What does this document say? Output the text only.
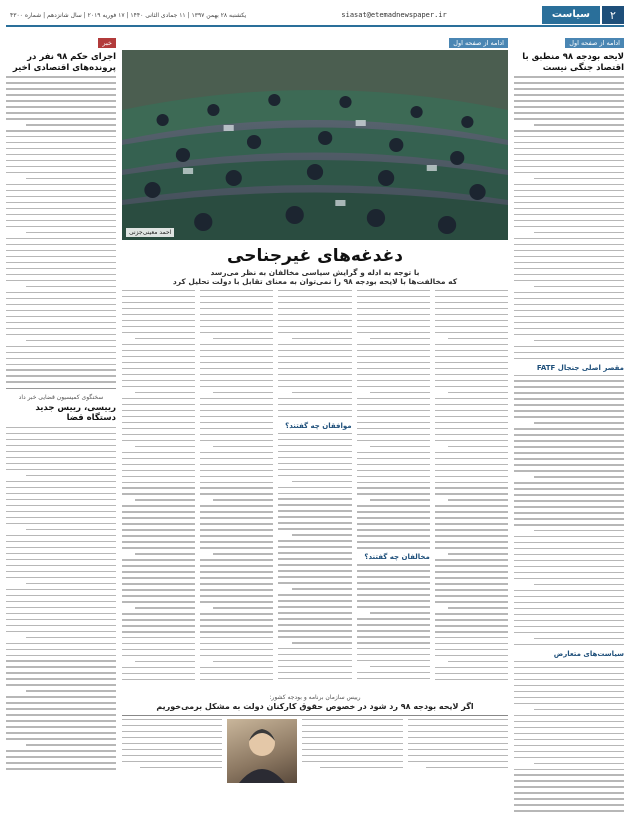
۲
سیاست
siasat@etemadnewspaper.ir
یکشنبه ۲۸ بهمن ۱۳۹۷ | ۱۱ جمادی الثانی ۱۴۴۰ | ۱۷ فوریه ۲۰۱۹ | سال شانزدهم | شماره ۴۳۰۰
ادامه از صفحه اول
لایحه بودجه ۹۸ منطبق با اقتصاد جنگی نیست
مقصر اصلی جنجال FATF
سیاست‌های متعارض
ادامه از صفحه اول
احمد معینی‌جزنی
دغدغه‌های غیرجناحی
با توجه به ادله و گرایش سیاسی مخالفان به نظر می‌رسد
که مخالفت‌ها با لایحه بودجه ۹۸ را نمی‌توان به معنای تقابل با دولت تحلیل کرد
مخالفان چه گفتند؟
موافقان چه گفتند؟
رییس سازمان برنامه و بودجه کشور:
اگر لایحه بودجه ۹۸ رد شود در خصوص حقوق کارکنان دولت به مشکل برمی‌خوریم
خبر
اجرای حکم ۹۸ نفر در پرونده‌های اقتصادی اخیر
سخنگوی کمیسیون قضایی خبر داد
رییسی، رییس جدید دستگاه قضا
